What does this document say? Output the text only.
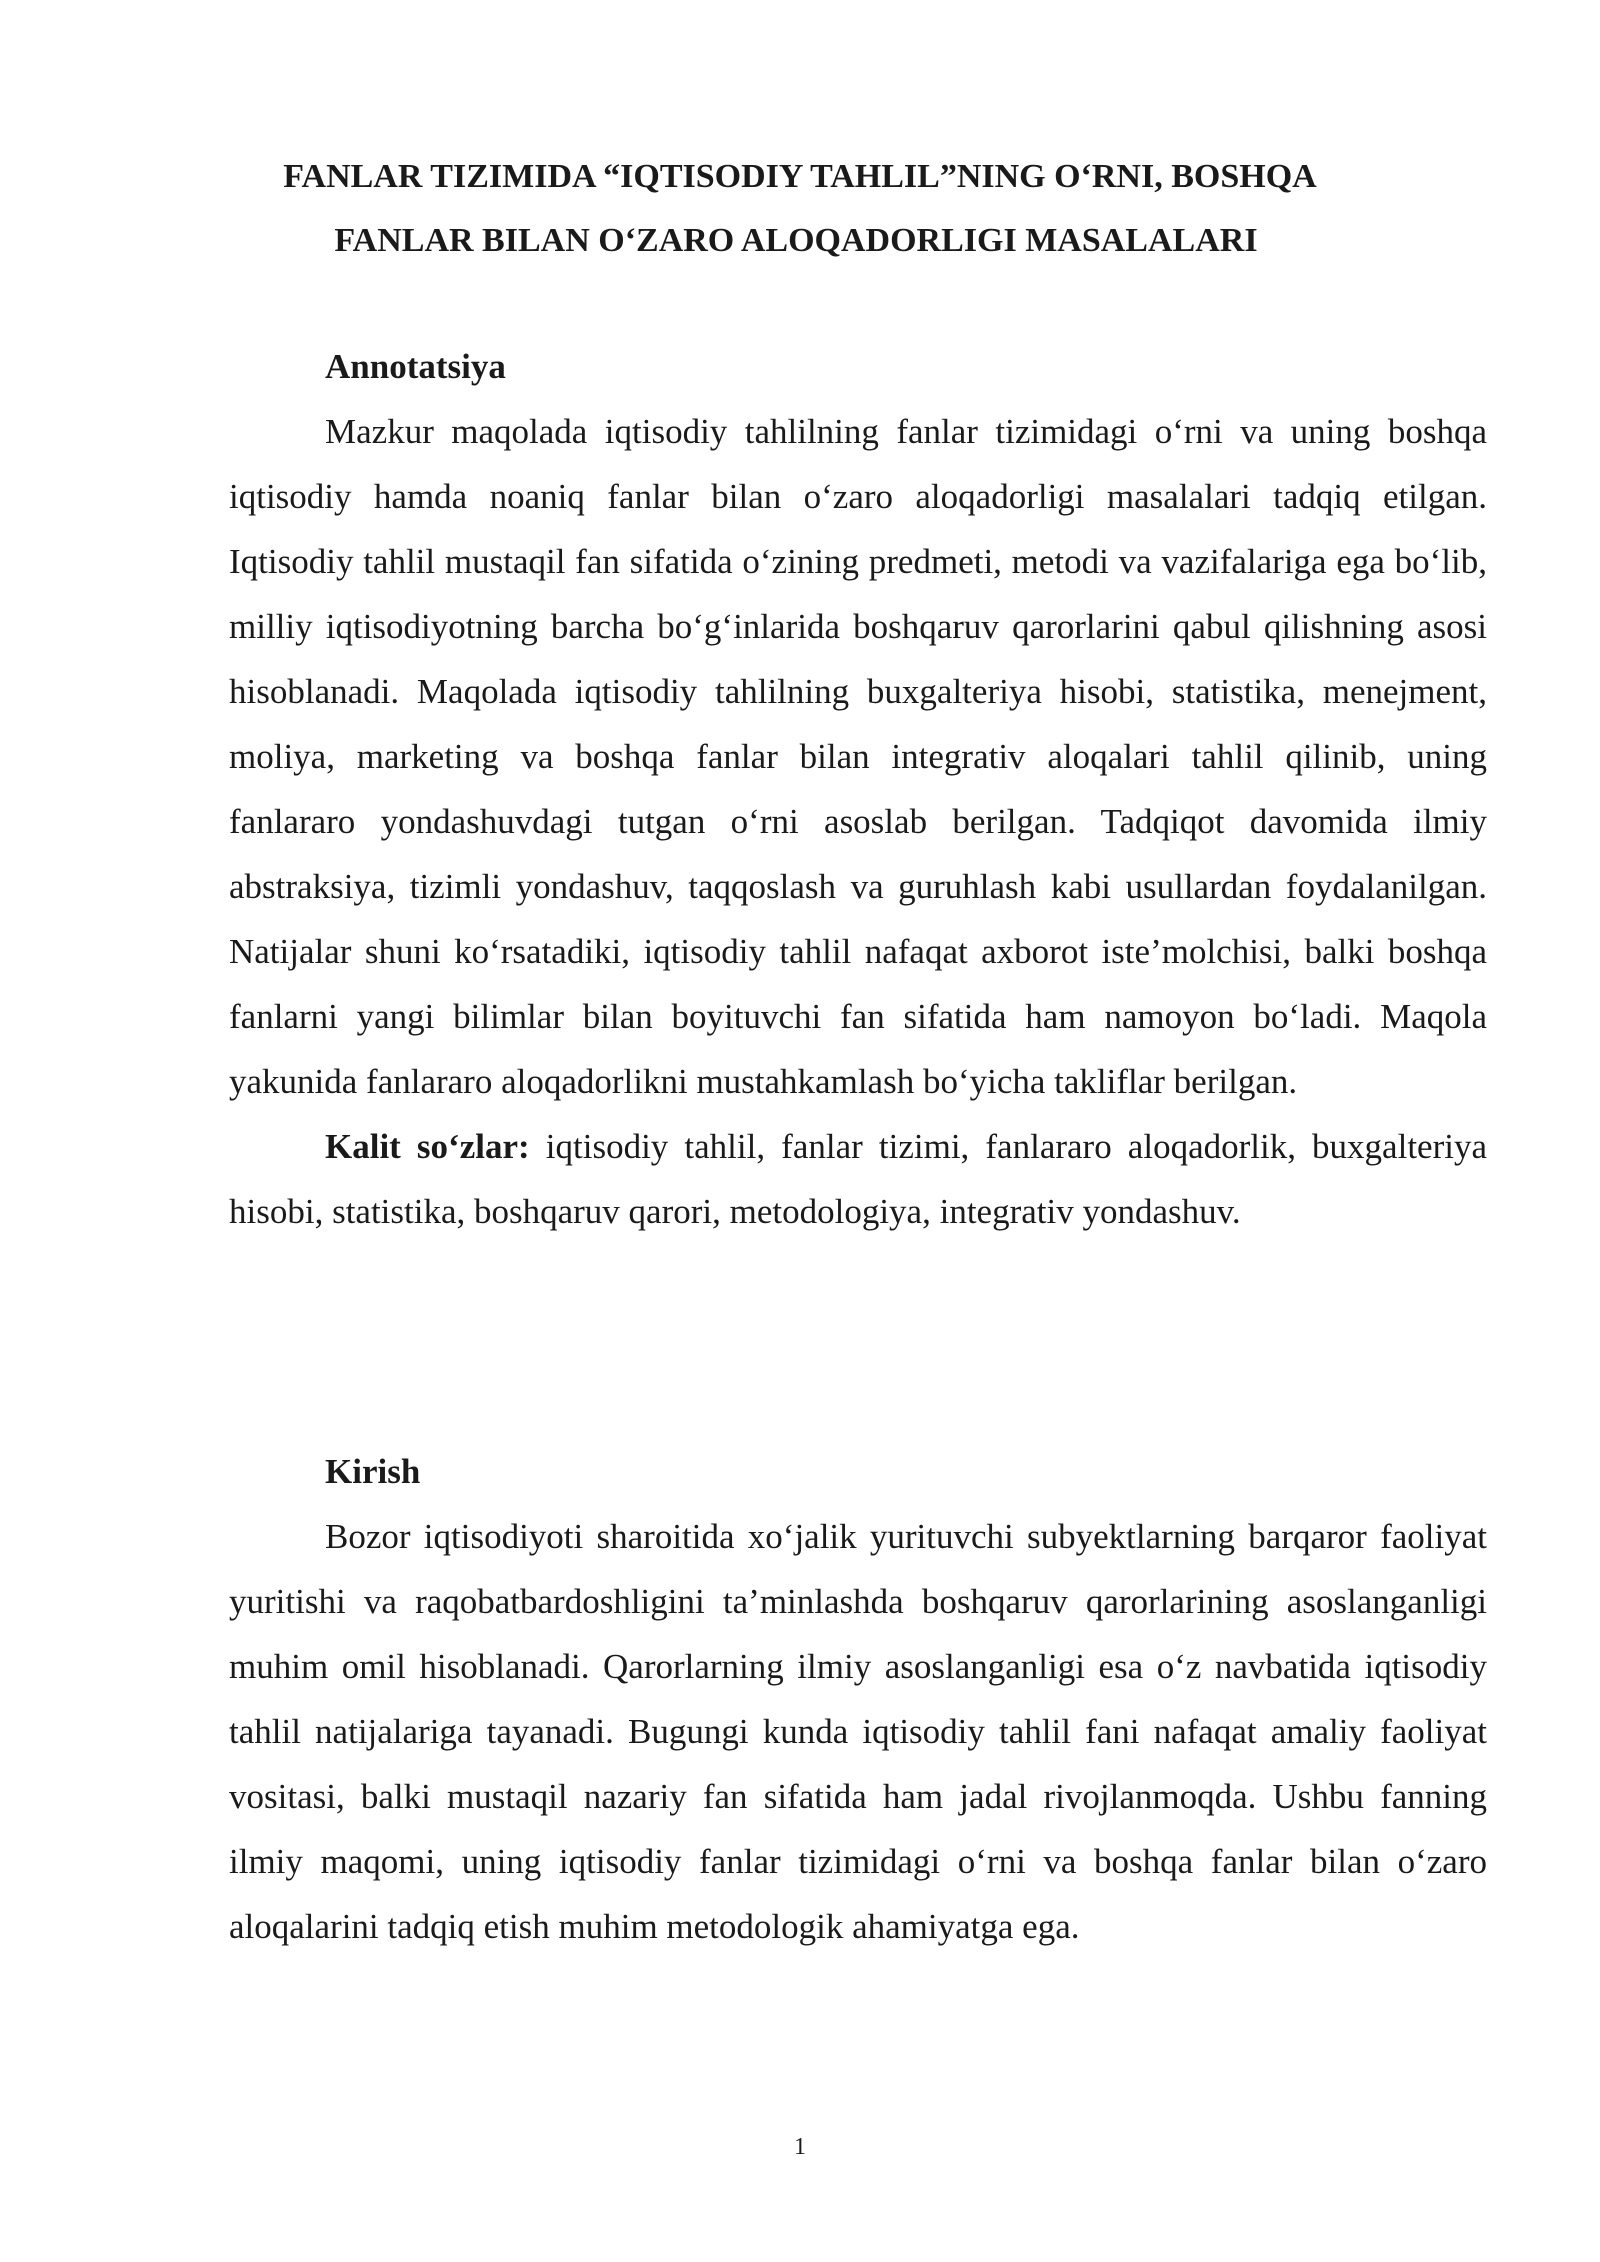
FANLAR TIZIMIDA “IQTISODIY TAHLIL”NING O‘RNI, BOSHQA
FANLAR BILAN O‘ZARO ALOQADORLIGI MASALALARI
Annotatsiya

Mazkur maqolada iqtisodiy tahlilning fanlar tizimidagi o‘rni va uning boshqa iqtisodiy hamda noaniq fanlar bilan o‘zaro aloqadorligi masalalari tadqiq etilgan. Iqtisodiy tahlil mustaqil fan sifatida o‘zining predmeti, metodi va vazifalariga ega bo‘lib, milliy iqtisodiyotning barcha bo‘g‘inlarida boshqaruv qarorlarini qabul qilishning asosi hisoblanadi. Maqolada iqtisodiy tahlilning buxgalteriya hisobi, statistika, menejment, moliya, marketing va boshqa fanlar bilan integrativ aloqalari tahlil qilinib, uning fanlararo yondashuvdagi tutgan o‘rni asoslab berilgan. Tadqiqot davomida ilmiy abstraksiya, tizimli yondashuv, taqqoslash va guruhlash kabi usullardan foydalanilgan. Natijalar shuni ko‘rsatadiki, iqtisodiy tahlil nafaqat axborot iste’molchisi, balki boshqa fanlarni yangi bilimlar bilan boyituvchi fan sifatida ham namoyon bo‘ladi. Maqola yakunida fanlararo aloqadorlikni mustahkamlash bo‘yicha takliflar berilgan.

Kalit so‘zlar: iqtisodiy tahlil, fanlar tizimi, fanlararo aloqadorlik, buxgalteriya hisobi, statistika, boshqaruv qarori, metodologiya, integrativ yondashuv.

Kirish

Bozor iqtisodiyoti sharoitida xo‘jalik yurituvchi subyektlarning barqaror faoliyat yuritishi va raqobatbardoshligini ta’minlashda boshqaruv qarorlarining asoslanganligi muhim omil hisoblanadi. Qarorlarning ilmiy asoslanganligi esa o‘z navbatida iqtisodiy tahlil natijalariga tayanadi. Bugungi kunda iqtisodiy tahlil fani nafaqat amaliy faoliyat vositasi, balki mustaqil nazariy fan sifatida ham jadal rivojlanmoqda. Ushbu fanning ilmiy maqomi, uning iqtisodiy fanlar tizimidagi o‘rni va boshqa fanlar bilan o‘zaro aloqalarini tadqiq etish muhim metodologik ahamiyatga ega.

1
